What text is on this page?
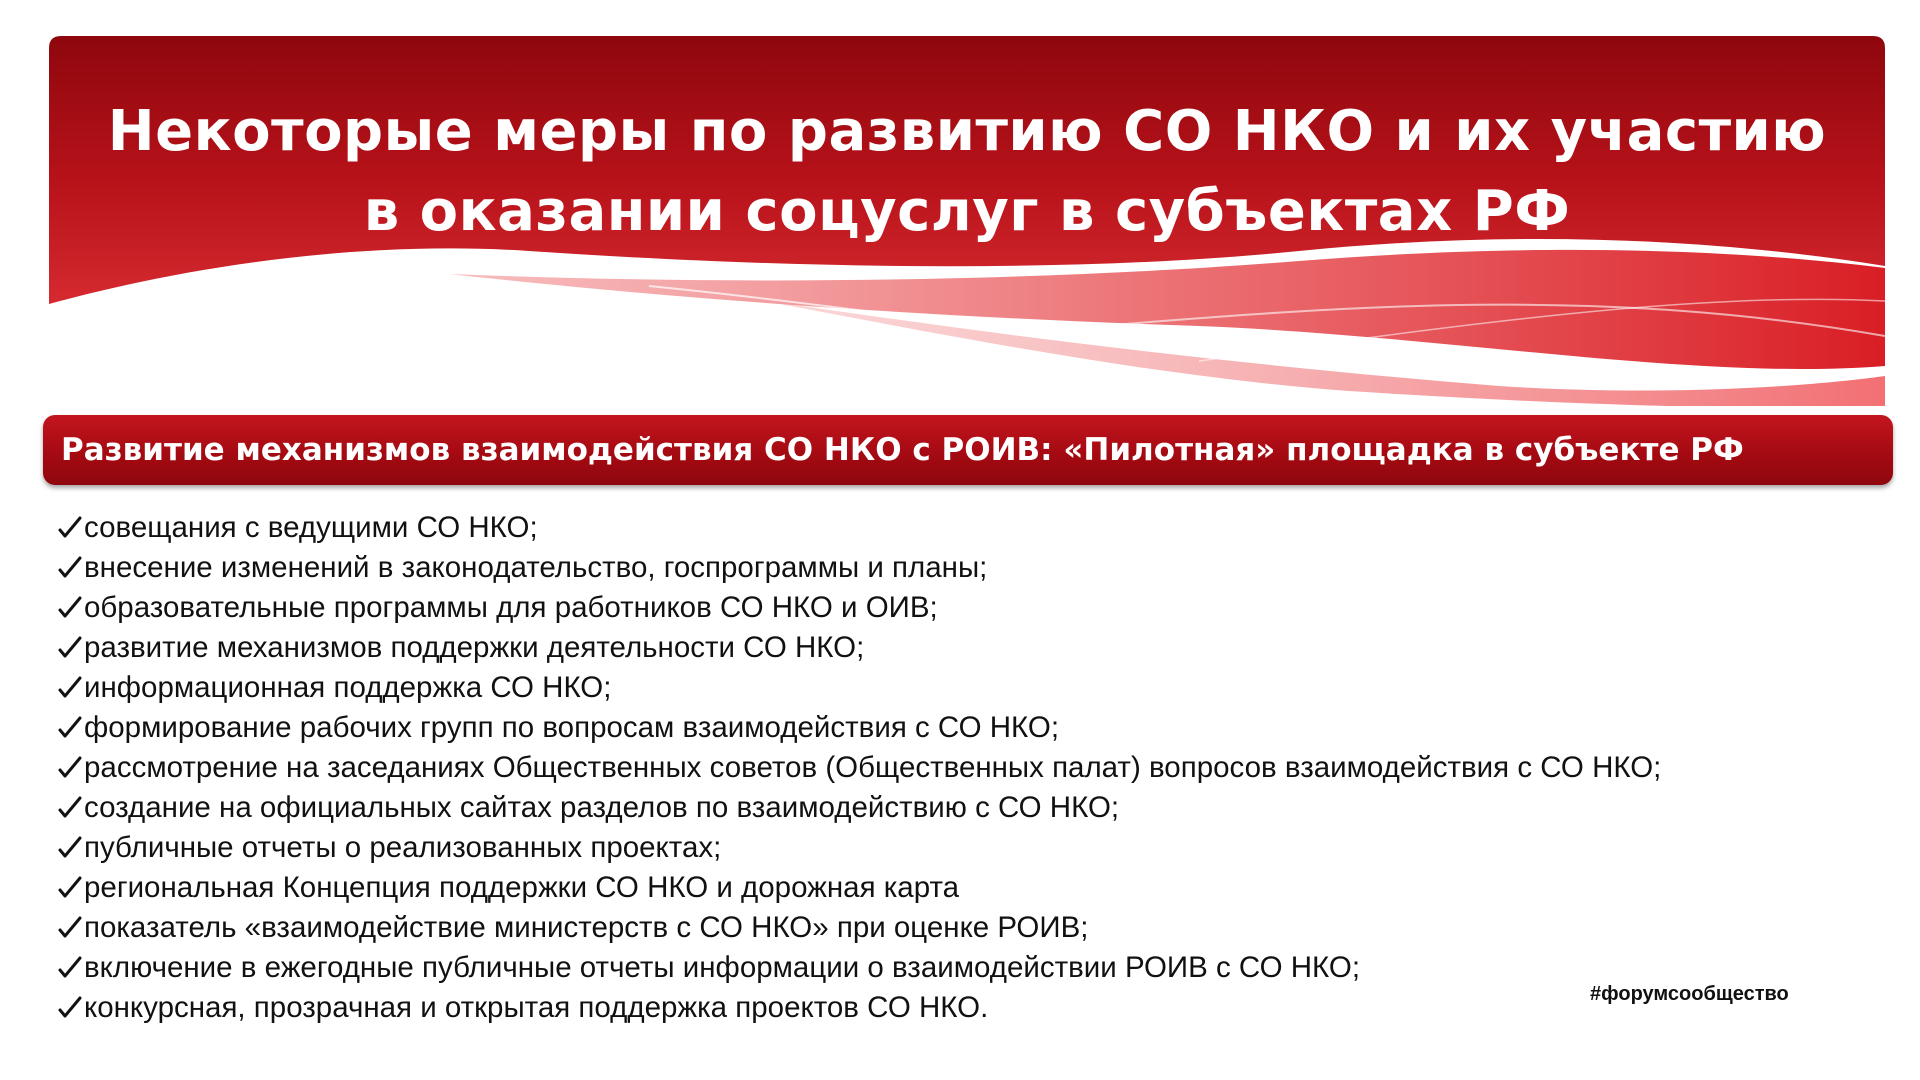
Некоторые меры по развитию СО НКО и их участию
в оказании соцуслуг в субъектах РФ
Развитие механизмов взаимодействия СО НКО с РОИВ: «Пилотная» площадка в субъекте РФ
совещания с ведущими СО НКО;
внесение изменений в законодательство, госпрограммы и планы;
образовательные программы для работников СО НКО и ОИВ;
развитие механизмов поддержки деятельности СО НКО;
информационная поддержка СО НКО;
формирование рабочих групп по вопросам взаимодействия с СО НКО;
рассмотрение на заседаниях Общественных советов (Общественных палат) вопросов взаимодействия с СО НКО;
создание на официальных сайтах разделов по взаимодействию с СО НКО;
публичные отчеты о реализованных проектах;
региональная Концепция поддержки СО НКО и дорожная карта
показатель «взаимодействие министерств с СО НКО» при оценке РОИВ;
включение в ежегодные публичные отчеты информации о взаимодействии РОИВ с СО НКО;
конкурсная, прозрачная и открытая поддержка проектов СО НКО.	#форумсообщество
